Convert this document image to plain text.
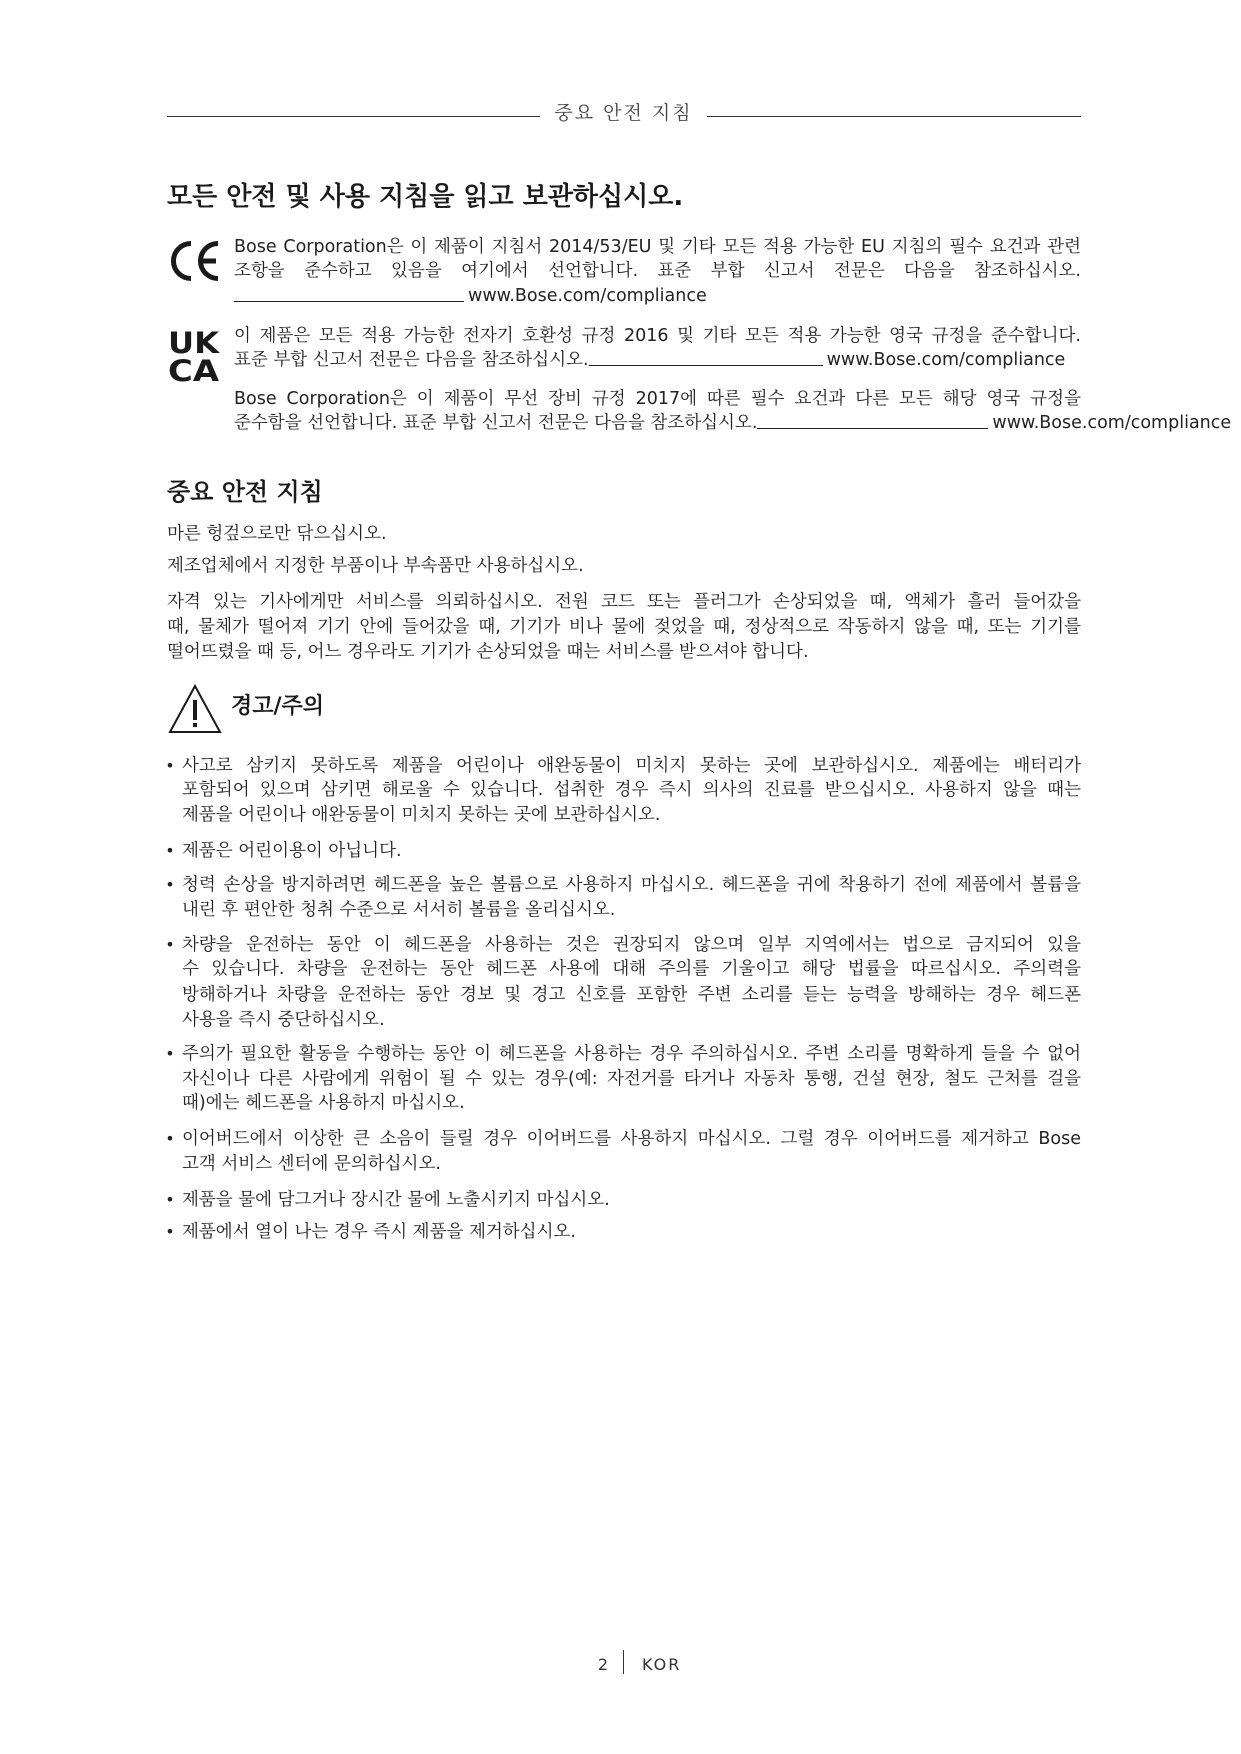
중요 안전 지침
모든 안전 및 사용 지침을 읽고 보관하십시오.
Bose Corporation은 이 제품이 지침서 2014/53/EU 및 기타 모든 적용 가능한 EU 지침의 필수 요건과 관련
조항을 준수하고 있음을 여기에서 선언합니다. 표준 부합 신고서 전문은 다음을 참조하십시오.
www.Bose.com/compliance
UK
CA
이 제품은 모든 적용 가능한 전자기 호환성 규정 2016 및 기타 모든 적용 가능한 영국 규정을 준수합니다.
표준 부합 신고서 전문은 다음을 참조하십시오.	www.Bose.com/compliance
Bose Corporation은 이 제품이 무선 장비 규정 2017에 따른 필수 요건과 다른 모든 해당 영국 규정을
준수함을 선언합니다. 표준 부합 신고서 전문은 다음을 참조하십시오.	www.Bose.com/compliance
중요 안전 지침
마른 헝겊으로만 닦으십시오.
제조업체에서 지정한 부품이나 부속품만 사용하십시오.
자격 있는 기사에게만 서비스를 의뢰하십시오. 전원 코드 또는 플러그가 손상되었을 때, 액체가 흘러 들어갔을
때, 물체가 떨어져 기기 안에 들어갔을 때, 기기가 비나 물에 젖었을 때, 정상적으로 작동하지 않을 때, 또는 기기를
떨어뜨렸을 때 등, 어느 경우라도 기기가 손상되었을 때는 서비스를 받으셔야 합니다.
경고/주의
• 사고로 삼키지 못하도록 제품을 어린이나 애완동물이 미치지 못하는 곳에 보관하십시오. 제품에는 배터리가
포함되어 있으며 삼키면 해로울 수 있습니다. 섭취한 경우 즉시 의사의 진료를 받으십시오. 사용하지 않을 때는
제품을 어린이나 애완동물이 미치지 못하는 곳에 보관하십시오.
• 제품은 어린이용이 아닙니다.
• 청력 손상을 방지하려면 헤드폰을 높은 볼륨으로 사용하지 마십시오. 헤드폰을 귀에 착용하기 전에 제품에서 볼륨을
내린 후 편안한 청취 수준으로 서서히 볼륨을 올리십시오.
• 차량을 운전하는 동안 이 헤드폰을 사용하는 것은 권장되지 않으며 일부 지역에서는 법으로 금지되어 있을
수 있습니다. 차량을 운전하는 동안 헤드폰 사용에 대해 주의를 기울이고 해당 법률을 따르십시오. 주의력을
방해하거나 차량을 운전하는 동안 경보 및 경고 신호를 포함한 주변 소리를 듣는 능력을 방해하는 경우 헤드폰
사용을 즉시 중단하십시오.
• 주의가 필요한 활동을 수행하는 동안 이 헤드폰을 사용하는 경우 주의하십시오. 주변 소리를 명확하게 들을 수 없어
자신이나 다른 사람에게 위험이 될 수 있는 경우(예: 자전거를 타거나 자동차 통행, 건설 현장, 철도 근처를 걸을
때)에는 헤드폰을 사용하지 마십시오.
• 이어버드에서 이상한 큰 소음이 들릴 경우 이어버드를 사용하지 마십시오. 그럴 경우 이어버드를 제거하고 Bose
고객 서비스 센터에 문의하십시오.
• 제품을 물에 담그거나 장시간 물에 노출시키지 마십시오.
• 제품에서 열이 나는 경우 즉시 제품을 제거하십시오.
2	KOR
